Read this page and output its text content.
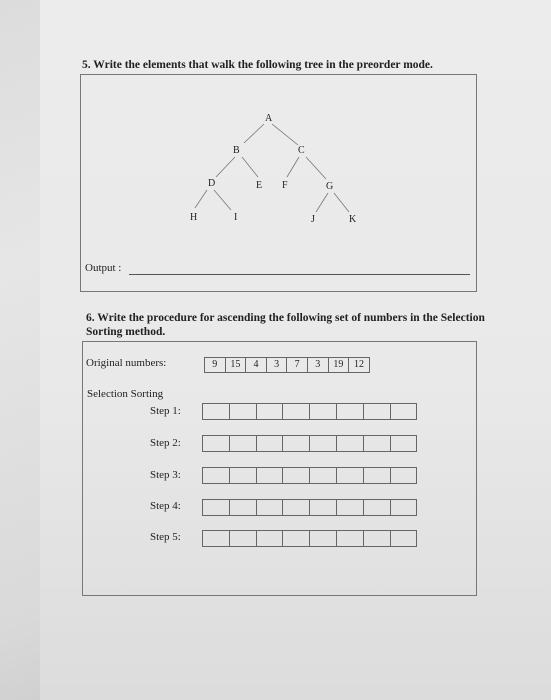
5. Write the elements that walk the following tree in the preorder mode.
A
B	C
D	E F	G
H	I	J	K
Output :
6. Write the procedure for ascending the following set of numbers in the Selection Sorting method.
Original numbers:	9	15	4	3	7	3	19	12
Selection Sorting
Step 1:
Step 2:
Step 3:
Step 4:
Step 5:
